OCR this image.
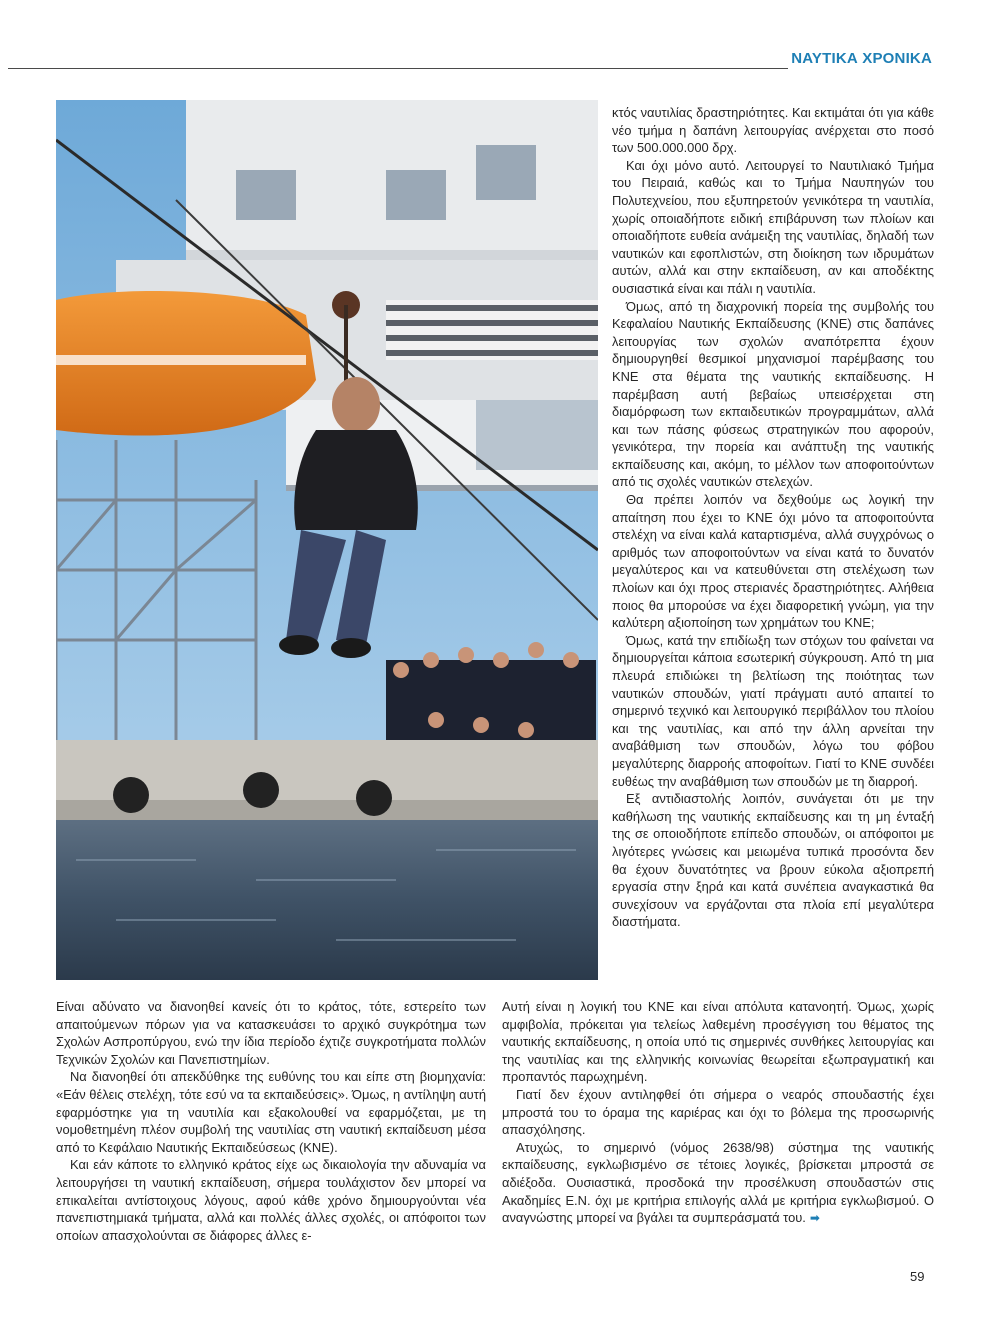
ΝΑΥΤΙΚΑ ΧΡΟΝΙΚΑ

κτός ναυτιλίας δραστηριότητες. Και εκτιμάται ότι για κάθε νέο τμήμα η δαπάνη λειτουργίας ανέρχεται στο ποσό των 500.000.000 δρχ.

Και όχι μόνο αυτό. Λειτουργεί το Ναυτιλιακό Τμήμα του Πειραιά, καθώς και το Τμήμα Ναυπηγών του Πολυτεχνείου, που εξυπηρετούν γενικότερα τη ναυτιλία, χωρίς οποιαδήποτε ειδική επιβάρυνση των πλοίων και οποιαδήποτε ευθεία ανάμειξη της ναυτιλίας, δηλαδή των ναυτικών και εφοπλιστών, στη διοίκηση των ιδρυμάτων αυτών, αλλά και στην εκπαίδευση, αν και αποδέκτης ουσιαστικά είναι και πάλι η ναυτιλία.

Όμως, από τη διαχρονική πορεία της συμβολής του Κεφαλαίου Ναυτικής Εκπαίδευσης (ΚΝΕ) στις δαπάνες λειτουργίας των σχολών αναπότρεπτα έχουν δημιουργηθεί θεσμικοί μηχανισμοί παρέμβασης του ΚΝΕ στα θέματα της ναυτικής εκπαίδευσης. Η παρέμβαση αυτή βεβαίως υπεισέρχεται στη διαμόρφωση των εκπαιδευτικών προγραμμάτων, αλλά και των πάσης φύσεως στρατηγικών που αφορούν, γενικότερα, την πορεία και ανάπτυξη της ναυτικής εκπαίδευσης και, ακόμη, το μέλλον των αποφοιτούντων από τις σχολές ναυτικών στελεχών.

Θα πρέπει λοιπόν να δεχθούμε ως λογική την απαίτηση που έχει το ΚΝΕ όχι μόνο τα αποφοιτούντα στελέχη να είναι καλά καταρτισμένα, αλλά συγχρόνως ο αριθμός των αποφοιτούντων να είναι κατά το δυνατόν μεγαλύτερος και να κατευθύνεται στη στελέχωση των πλοίων και όχι προς στεριανές δραστηριότητες. Αλήθεια ποιος θα μπορούσε να έχει διαφορετική γνώμη, για την καλύτερη αξιοποίηση των χρημάτων του ΚΝΕ;

Όμως, κατά την επιδίωξη των στόχων του φαίνεται να δημιουργείται κάποια εσωτερική σύγκρουση. Από τη μια πλευρά επιδιώκει τη βελτίωση της ποιότητας των ναυτικών σπουδών, γιατί πράγματι αυτό απαιτεί το σημερινό τεχνικό και λειτουργικό περιβάλλον του πλοίου και της ναυτιλίας, και από την άλλη αρνείται την αναβάθμιση των σπουδών, λόγω του φόβου μεγαλύτερης διαρροής αποφοίτων. Γιατί το ΚΝΕ συνδέει ευθέως την αναβάθμιση των σπουδών με τη διαρροή.

Εξ αντιδιαστολής λοιπόν, συνάγεται ότι με την καθήλωση της ναυτικής εκπαίδευσης και τη μη ένταξή της σε οποιοδήποτε επίπεδο σπουδών, οι απόφοιτοι με λιγότερες γνώσεις και μειωμένα τυπικά προσόντα δεν θα έχουν δυνατότητες να βρουν εύκολα αξιοπρεπή εργασία στην ξηρά και κατά συνέπεια αναγκαστικά θα συνεχίσουν να εργάζονται στα πλοία επί μεγαλύτερα διαστήματα.

Είναι αδύνατο να διανοηθεί κανείς ότι το κράτος, τότε, εστερείτο των απαιτούμενων πόρων για να κατασκευάσει το αρχικό συγκρότημα των Σχολών Ασπροπύργου, ενώ την ίδια περίοδο έχτιζε συγκροτήματα πολλών Τεχνικών Σχολών και Πανεπιστημίων.

Να διανοηθεί ότι απεκδύθηκε της ευθύνης του και είπε στη βιομηχανία: «Εάν θέλεις στελέχη, τότε εσύ να τα εκπαιδεύσεις». Όμως, η αντίληψη αυτή εφαρμόστηκε για τη ναυτιλία και εξακολουθεί να εφαρμόζεται, με τη νομοθετημένη πλέον συμβολή της ναυτιλίας στη ναυτική εκπαίδευση μέσα από το Κεφάλαιο Ναυτικής Εκπαιδεύσεως (ΚΝΕ).

Και εάν κάποτε το ελληνικό κράτος είχε ως δικαιολογία την αδυναμία να λειτουργήσει τη ναυτική εκπαίδευση, σήμερα τουλάχιστον δεν μπορεί να επικαλείται αντίστοιχους λόγους, αφού κάθε χρόνο δημιουργούνται νέα πανεπιστημιακά τμήματα, αλλά και πολλές άλλες σχολές, οι απόφοιτοι των οποίων απασχολούνται σε διάφορες άλλες ε-

Αυτή είναι η λογική του ΚΝΕ και είναι απόλυτα κατανοητή. Όμως, χωρίς αμφιβολία, πρόκειται για τελείως λαθεμένη προσέγγιση του θέματος της ναυτικής εκπαίδευσης, η οποία υπό τις σημερινές συνθήκες λειτουργίας και της ναυτιλίας και της ελληνικής κοινωνίας θεωρείται εξωπραγματική και προπαντός παρωχημένη.

Γιατί δεν έχουν αντιληφθεί ότι σήμερα ο νεαρός σπουδαστής έχει μπροστά του το όραμα της καριέρας και όχι το βόλεμα της προσωρινής απασχόλησης.

Ατυχώς, το σημερινό (νόμος 2638/98) σύστημα της ναυτικής εκπαίδευσης, εγκλωβισμένο σε τέτοιες λογικές, βρίσκεται μπροστά σε αδιέξοδα. Ουσιαστικά, προσδοκά την προσέλκυση σπουδαστών στις Ακαδημίες Ε.Ν. όχι με κριτήρια επιλογής αλλά με κριτήρια εγκλωβισμού. Ο αναγνώστης μπορεί να βγάλει τα συμπεράσματά του. ➡

59
